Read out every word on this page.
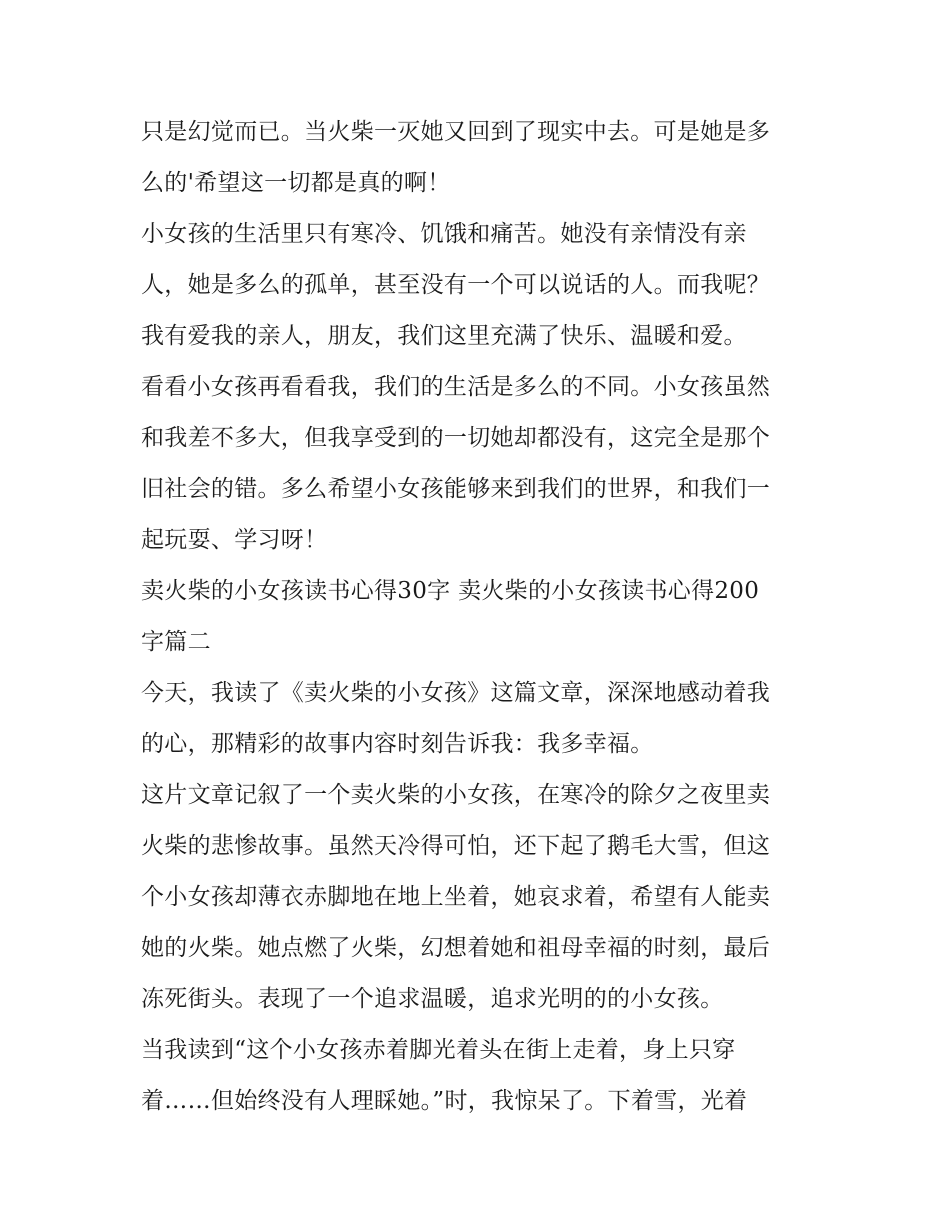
只是幻觉而已。当火柴一灭她又回到了现实中去。可是她是多
么的'希望这一切都是真的啊！
小女孩的生活里只有寒冷、饥饿和痛苦。她没有亲情没有亲
人，她是多么的孤单，甚至没有一个可以说话的人。而我呢？
我有爱我的亲人，朋友，我们这里充满了快乐、温暖和爱。
看看小女孩再看看我，我们的生活是多么的不同。小女孩虽然
和我差不多大，但我享受到的一切她却都没有，这完全是那个
旧社会的错。多么希望小女孩能够来到我们的世界，和我们一
起玩耍、学习呀！
卖火柴的小女孩读书心得30字 卖火柴的小女孩读书心得200
字篇二
今天，我读了《卖火柴的小女孩》这篇文章，深深地感动着我
的心，那精彩的故事内容时刻告诉我：我多幸福。
这片文章记叙了一个卖火柴的小女孩，在寒冷的除夕之夜里卖
火柴的悲惨故事。虽然天冷得可怕，还下起了鹅毛大雪，但这
个小女孩却薄衣赤脚地在地上坐着，她哀求着，希望有人能卖
她的火柴。她点燃了火柴，幻想着她和祖母幸福的时刻，最后
冻死街头。表现了一个追求温暖，追求光明的的小女孩。
当我读到“这个小女孩赤着脚光着头在街上走着，身上只穿
着……但始终没有人理睬她。”时，我惊呆了。下着雪，光着
